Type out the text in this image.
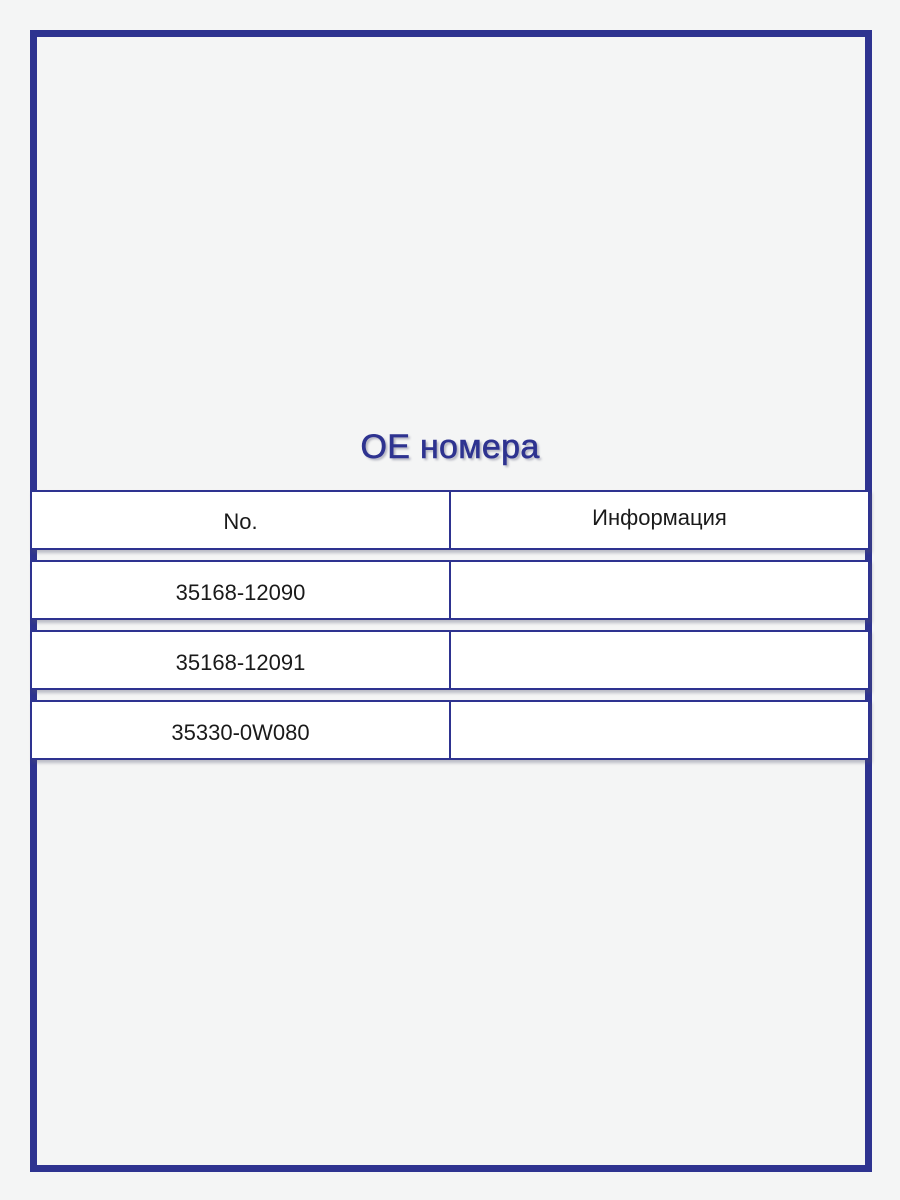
OE номера
No.	Информация
35168-12090
35168-12091
35330-0W080
